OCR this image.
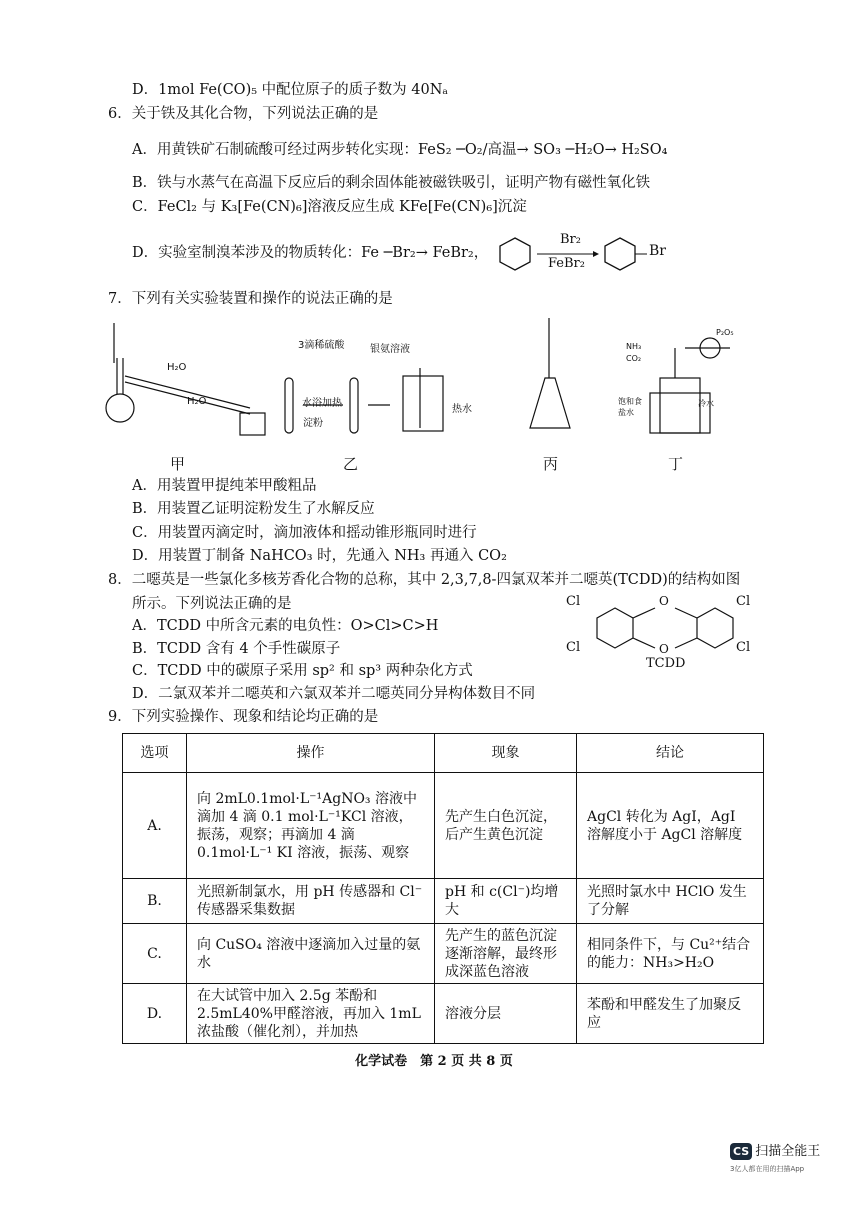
D．1mol Fe(CO)₅ 中配位原子的质子数为 40Nₐ
6．关于铁及其化合物，下列说法正确的是
A．用黄铁矿石制硫酸可经过两步转化实现：FeS₂ ─O₂/高温→ SO₃ ─H₂O→ H₂SO₄
B．铁与水蒸气在高温下反应后的剩余固体能被磁铁吸引，证明产物有磁性氧化铁
C．FeCl₂ 与 K₃[Fe(CN)₆]溶液反应生成 KFe[Fe(CN)₆]沉淀
D．实验室制溴苯涉及的物质转化：Fe ─Br₂→ FeBr₂，
Br₂
FeBr₂
Br
7．下列有关实验装置和操作的说法正确的是
H₂O
H₂O
3滴稀硫酸	银氨溶液
水浴加热
淀粉
热水
NH₃
CO₂
P₂O₅
饱和食盐水
冷水
甲	乙	丙	丁
A．用装置甲提纯苯甲酸粗品
B．用装置乙证明淀粉发生了水解反应
C．用装置丙滴定时，滴加液体和摇动锥形瓶同时进行
D．用装置丁制备 NaHCO₃ 时，先通入 NH₃ 再通入 CO₂
8．二噁英是一些氯化多核芳香化合物的总称，其中 2,3,7,8-四氯双苯并二噁英(TCDD)的结构如图
所示。下列说法正确的是
A．TCDD 中所含元素的电负性：O>Cl>C>H
B．TCDD 含有 4 个手性碳原子
C．TCDD 中的碳原子采用 sp² 和 sp³ 两种杂化方式
D．二氯双苯并二噁英和六氯双苯并二噁英同分异构体数目不同
Cl	Cl
Cl	Cl
O
O
TCDD
9．下列实验操作、现象和结论均正确的是
选项	操作	现象	结论
A.	向 2mL0.1mol·L⁻¹AgNO₃ 溶液中滴加 4 滴 0.1 mol·L⁻¹KCl 溶液，振荡，观察；再滴加 4 滴 0.1mol·L⁻¹ KI 溶液，振荡、观察	先产生白色沉淀，后产生黄色沉淀	AgCl 转化为 AgI，AgI 溶解度小于 AgCl 溶解度
B.	光照新制氯水，用 pH 传感器和 Cl⁻ 传感器采集数据	pH 和 c(Cl⁻)均增大	光照时氯水中 HClO 发生了分解
C.	向 CuSO₄ 溶液中逐滴加入过量的氨水	先产生的蓝色沉淀逐渐溶解，最终形成深蓝色溶液	相同条件下，与 Cu²⁺结合的能力：NH₃>H₂O
D.	在大试管中加入 2.5g 苯酚和 2.5mL40%甲醛溶液，再加入 1mL 浓盐酸（催化剂），并加热	溶液分层	苯酚和甲醛发生了加聚反应
化学试卷　第 2 页 共 8 页
CS 扫描全能王
3亿人都在用的扫描App
